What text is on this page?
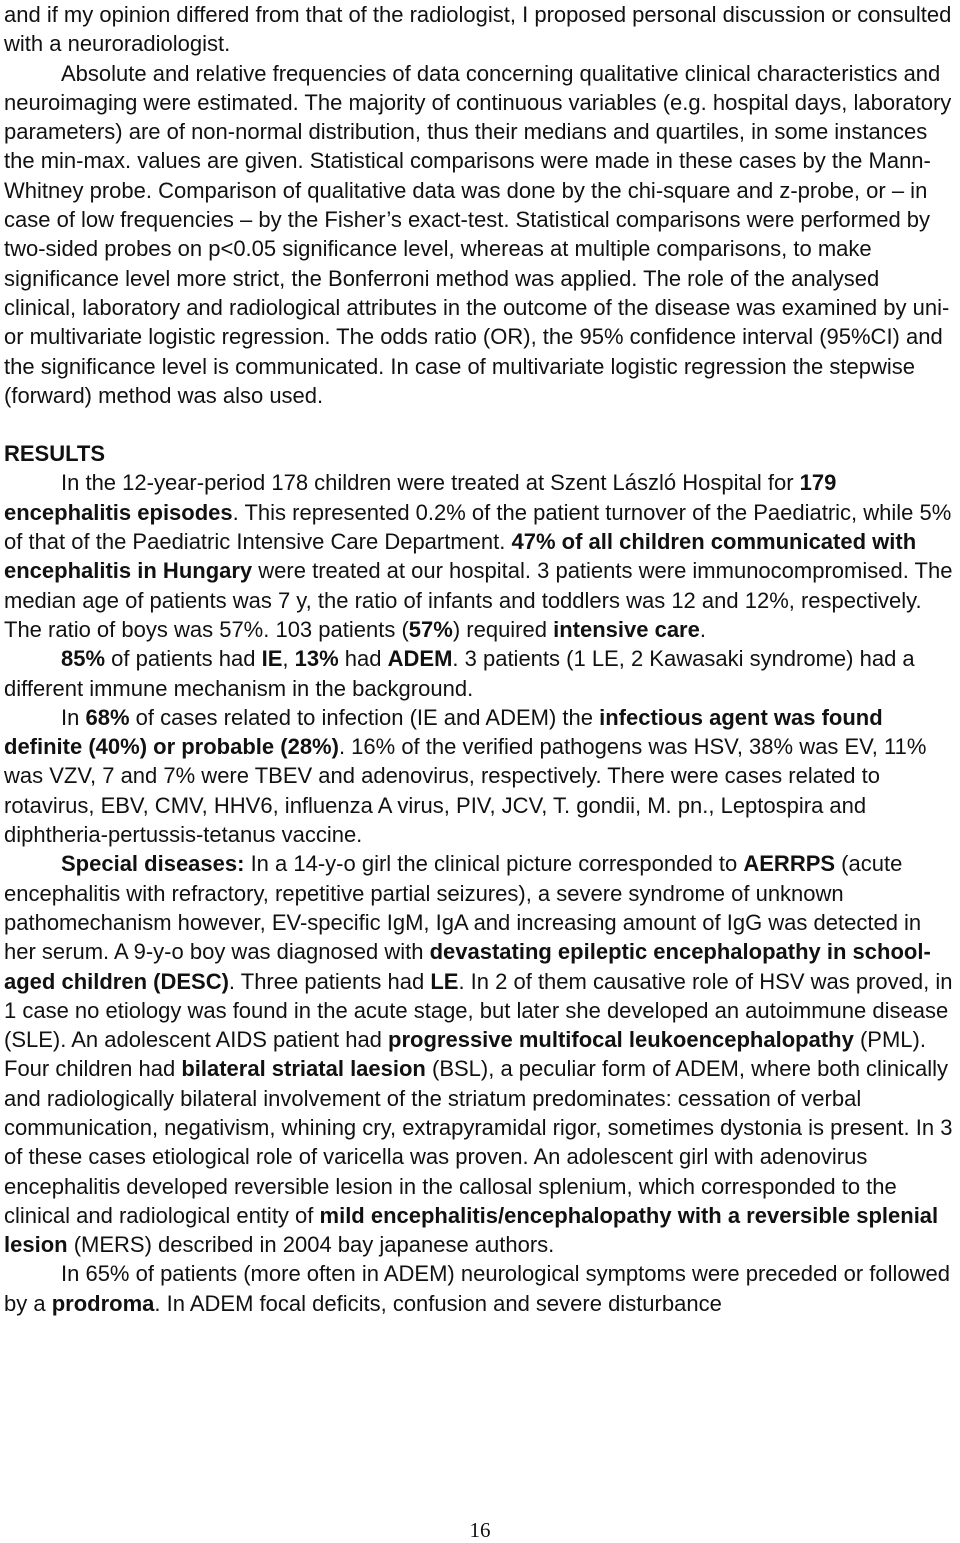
and if my opinion differed from that of the radiologist, I proposed personal discussion or consulted with a neuroradiologist.

Absolute and relative frequencies of data concerning qualitative clinical characteristics and neuroimaging were estimated. The majority of continuous variables (e.g. hospital days, laboratory parameters) are of non-normal distribution, thus their medians and quartiles, in some instances the min-max. values are given. Statistical comparisons were made in these cases by the Mann-Whitney probe. Comparison of qualitative data was done by the chi-square and z-probe, or – in case of low frequencies – by the Fisher’s exact-test. Statistical comparisons were performed by two-sided probes on p<0.05 significance level, whereas at multiple comparisons, to make significance level more strict, the Bonferroni method was applied. The role of the analysed clinical, laboratory and radiological attributes in the outcome of the disease was examined by uni- or multivariate logistic regression. The odds ratio (OR), the 95% confidence interval (95%CI) and the significance level is communicated. In case of multivariate logistic regression the stepwise (forward) method was also used.

RESULTS

In the 12-year-period 178 children were treated at Szent László Hospital for 179 encephalitis episodes. This represented 0.2% of the patient turnover of the Paediatric, while 5% of that of the Paediatric Intensive Care Department. 47% of all children communicated with encephalitis in Hungary were treated at our hospital. 3 patients were immunocompromised. The median age of patients was 7 y, the ratio of infants and toddlers was 12 and 12%, respectively. The ratio of boys was 57%. 103 patients (57%) required intensive care.

85% of patients had IE, 13% had ADEM. 3 patients (1 LE, 2 Kawasaki syndrome) had a different immune mechanism in the background.

In 68% of cases related to infection (IE and ADEM) the infectious agent was found definite (40%) or probable (28%). 16% of the verified pathogens was HSV, 38% was EV, 11% was VZV, 7 and 7% were TBEV and adenovirus, respectively. There were cases related to rotavirus, EBV, CMV, HHV6, influenza A virus, PIV, JCV, T. gondii, M. pn., Leptospira and diphtheria-pertussis-tetanus vaccine.

Special diseases: In a 14-y-o girl the clinical picture corresponded to AERRPS (acute encephalitis with refractory, repetitive partial seizures), a severe syndrome of unknown pathomechanism however, EV-specific IgM, IgA and increasing amount of IgG was detected in her serum. A 9-y-o boy was diagnosed with devastating epileptic encephalopathy in school-aged children (DESC). Three patients had LE. In 2 of them causative role of HSV was proved, in 1 case no etiology was found in the acute stage, but later she developed an autoimmune disease (SLE). An adolescent AIDS patient had progressive multifocal leukoencephalopathy (PML). Four children had bilateral striatal laesion (BSL), a peculiar form of ADEM, where both clinically and radiologically bilateral involvement of the striatum predominates: cessation of verbal communication, negativism, whining cry, extrapyramidal rigor, sometimes dystonia is present. In 3 of these cases etiological role of varicella was proven. An adolescent girl with adenovirus encephalitis developed reversible lesion in the callosal splenium, which corresponded to the clinical and radiological entity of mild encephalitis/encephalopathy with a reversible splenial lesion (MERS) described in 2004 bay japanese authors.

In 65% of patients (more often in ADEM) neurological symptoms were preceded or followed by a prodroma. In ADEM focal deficits, confusion and severe disturbance

16
